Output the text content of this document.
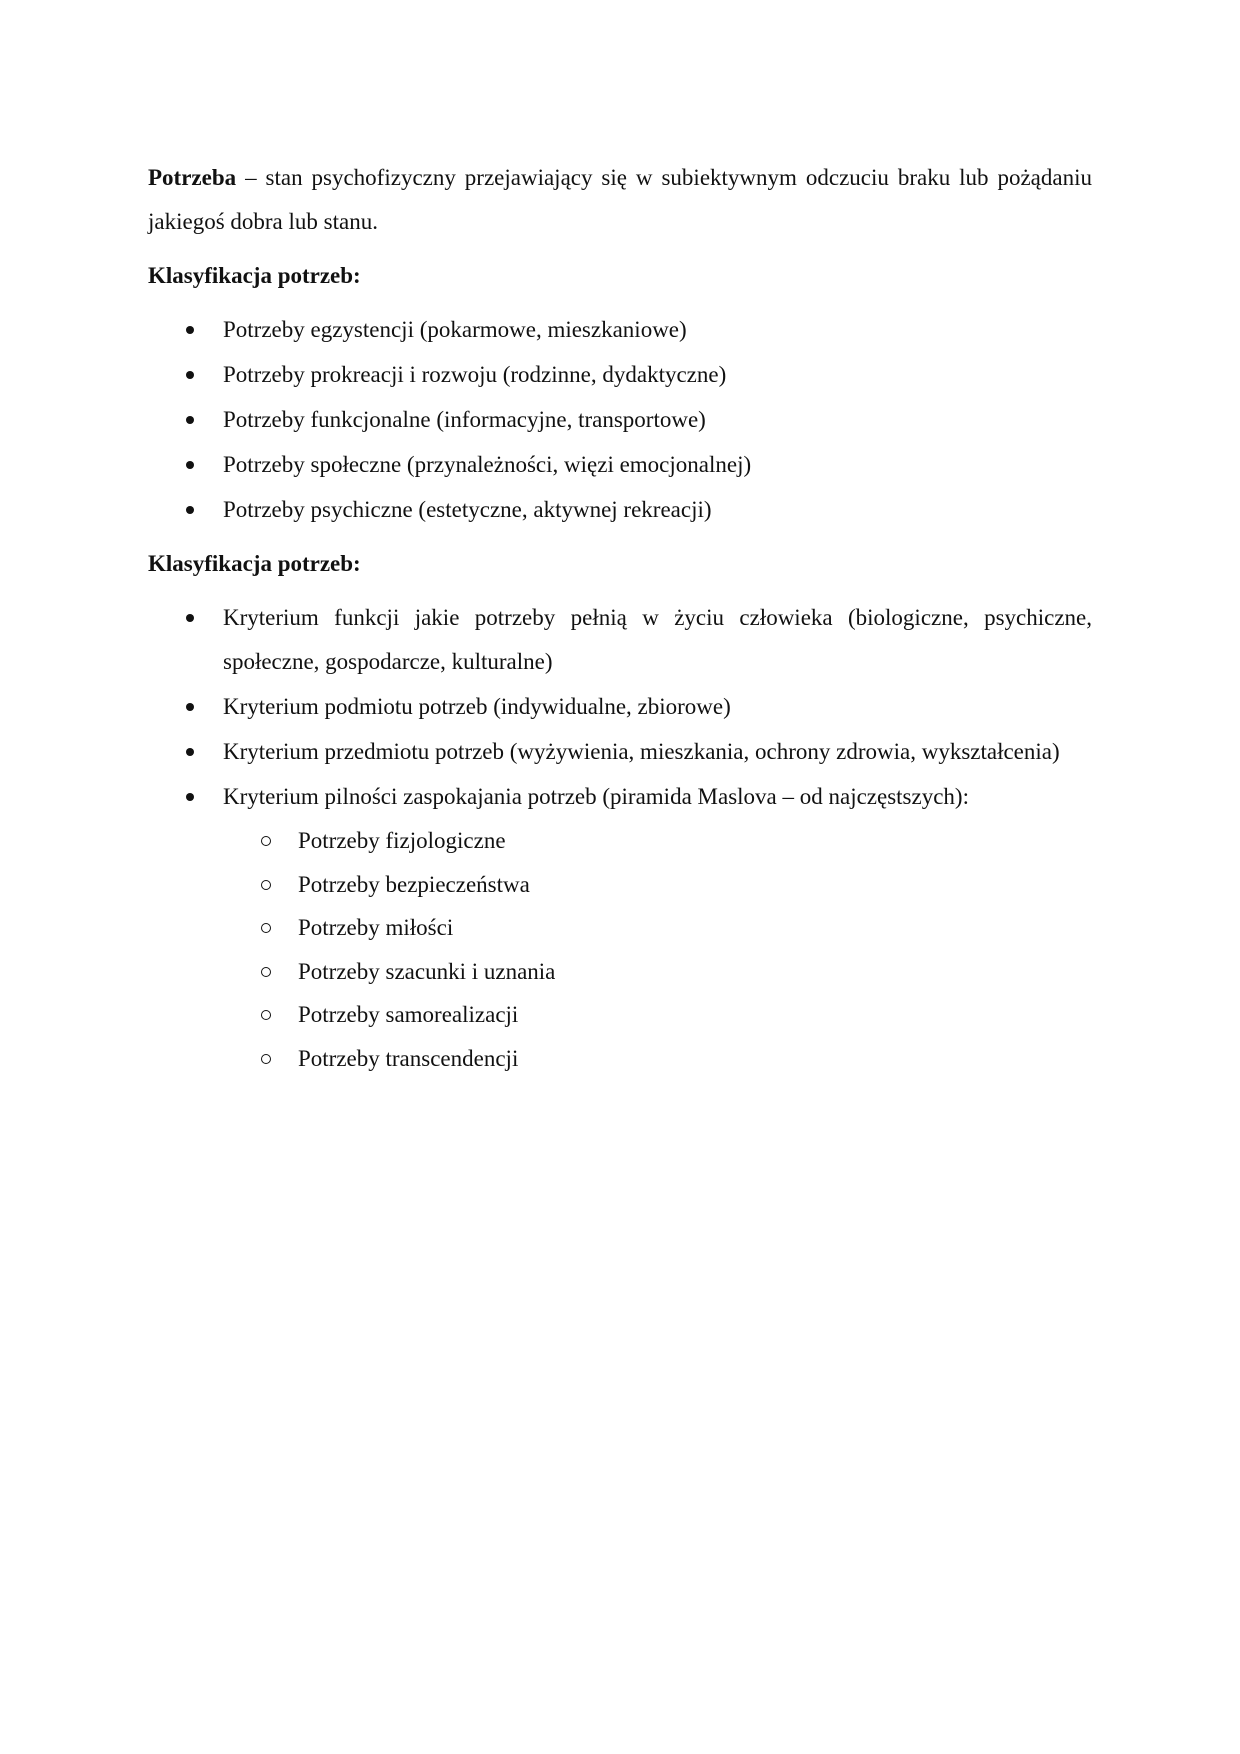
Potrzeba – stan psychofizyczny przejawiający się w subiektywnym odczuciu braku lub pożądaniu jakiegoś dobra lub stanu.

Klasyfikacja potrzeb:
Potrzeby egzystencji (pokarmowe, mieszkaniowe)
Potrzeby prokreacji i rozwoju (rodzinne, dydaktyczne)
Potrzeby funkcjonalne (informacyjne, transportowe)
Potrzeby społeczne (przynależności, więzi emocjonalnej)
Potrzeby psychiczne (estetyczne, aktywnej rekreacji)
Klasyfikacja potrzeb:
Kryterium funkcji jakie potrzeby pełnią w życiu człowieka (biologiczne, psychiczne, społeczne, gospodarcze, kulturalne)
Kryterium podmiotu potrzeb (indywidualne, zbiorowe)
Kryterium przedmiotu potrzeb (wyżywienia, mieszkania, ochrony zdrowia, wykształcenia)
Kryterium pilności zaspokajania potrzeb (piramida Maslova – od najczęstszych):
Potrzeby fizjologiczne
Potrzeby bezpieczeństwa
Potrzeby miłości
Potrzeby szacunki i uznania
Potrzeby samorealizacji
Potrzeby transcendencji
